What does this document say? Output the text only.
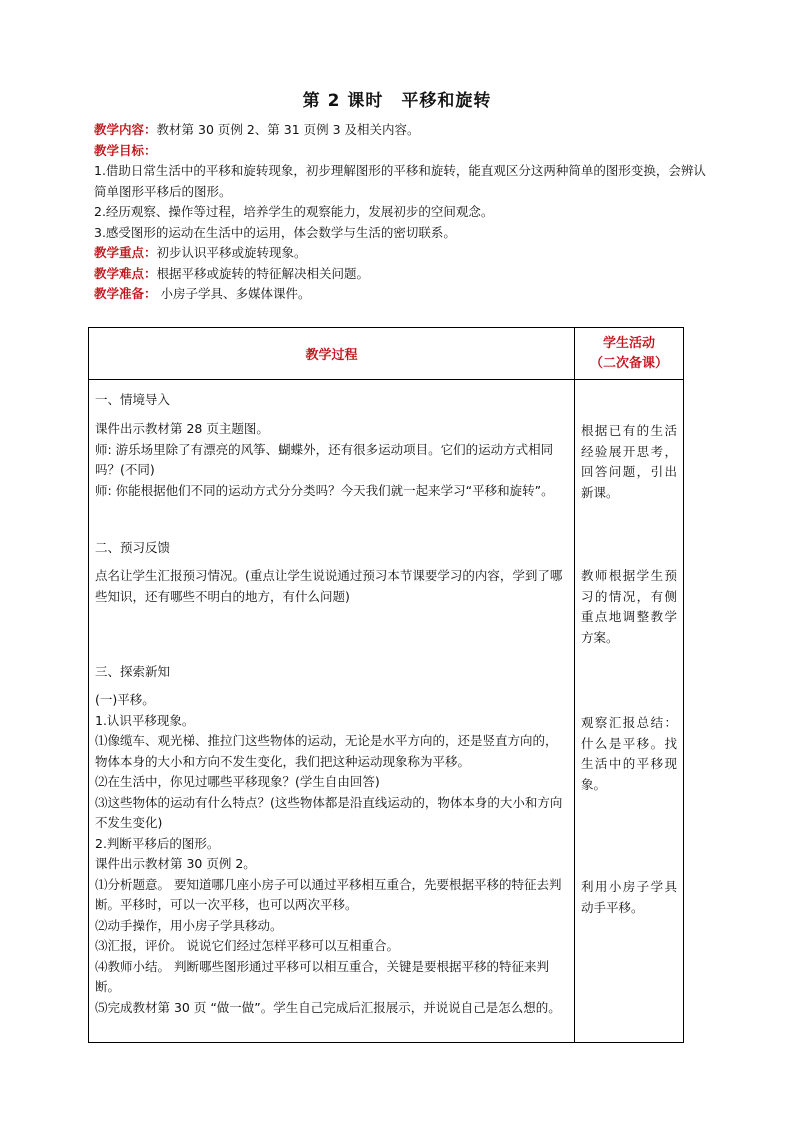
第 2 课时　平移和旋转

教学内容：教材第 30 页例 2、第 31 页例 3 及相关内容。

教学目标：

1.借助日常生活中的平移和旋转现象，初步理解图形的平移和旋转，能直观区分这两种简单的图形变换，会辨认简单图形平移后的图形。

2.经历观察、操作等过程，培养学生的观察能力，发展初步的空间观念。

3.感受图形的运动在生活中的运用，体会数学与生活的密切联系。

教学重点：初步认识平移或旋转现象。

教学难点：根据平移或旋转的特征解决相关问题。

教学准备： 小房子学具、多媒体课件。

教学过程
学生活动
（二次备课）
一、情境导入
课件出示教材第 28 页主题图。
师: 游乐场里除了有漂亮的风筝、蝴蝶外，还有很多运动项目。它们的运动方式相同吗？(不同)
师: 你能根据他们不同的运动方式分分类吗？今天我们就一起来学习“平移和旋转”。
根据已有的生活经验展开思考，回答问题，引出新课。
二、预习反馈
点名让学生汇报预习情况。(重点让学生说说通过预习本节课要学习的内容，学到了哪些知识，还有哪些不明白的地方，有什么问题)
教师根据学生预习的情况，有侧重点地调整教学方案。
三、探索新知
(一)平移。
1.认识平移现象。
⑴像缆车、观光梯、推拉门这些物体的运动，无论是水平方向的，还是竖直方向的，物体本身的大小和方向不发生变化，我们把这种运动现象称为平移。
⑵在生活中，你见过哪些平移现象？(学生自由回答)
⑶这些物体的运动有什么特点？(这些物体都是沿直线运动的，物体本身的大小和方向不发生变化)
2.判断平移后的图形。
课件出示教材第 30 页例 2。
⑴分析题意。 要知道哪几座小房子可以通过平移相互重合，先要根据平移的特征去判断。平移时，可以一次平移，也可以两次平移。
⑵动手操作，用小房子学具移动。
⑶汇报，评价。 说说它们经过怎样平移可以互相重合。
⑷教师小结。 判断哪些图形通过平移可以相互重合，关键是要根据平移的特征来判断。
⑸完成教材第 30 页 “做一做”。学生自己完成后汇报展示，并说说自己是怎么想的。
观察汇报总结：什么是平移。找生活中的平移现象。
利用小房子学具动手平移。
